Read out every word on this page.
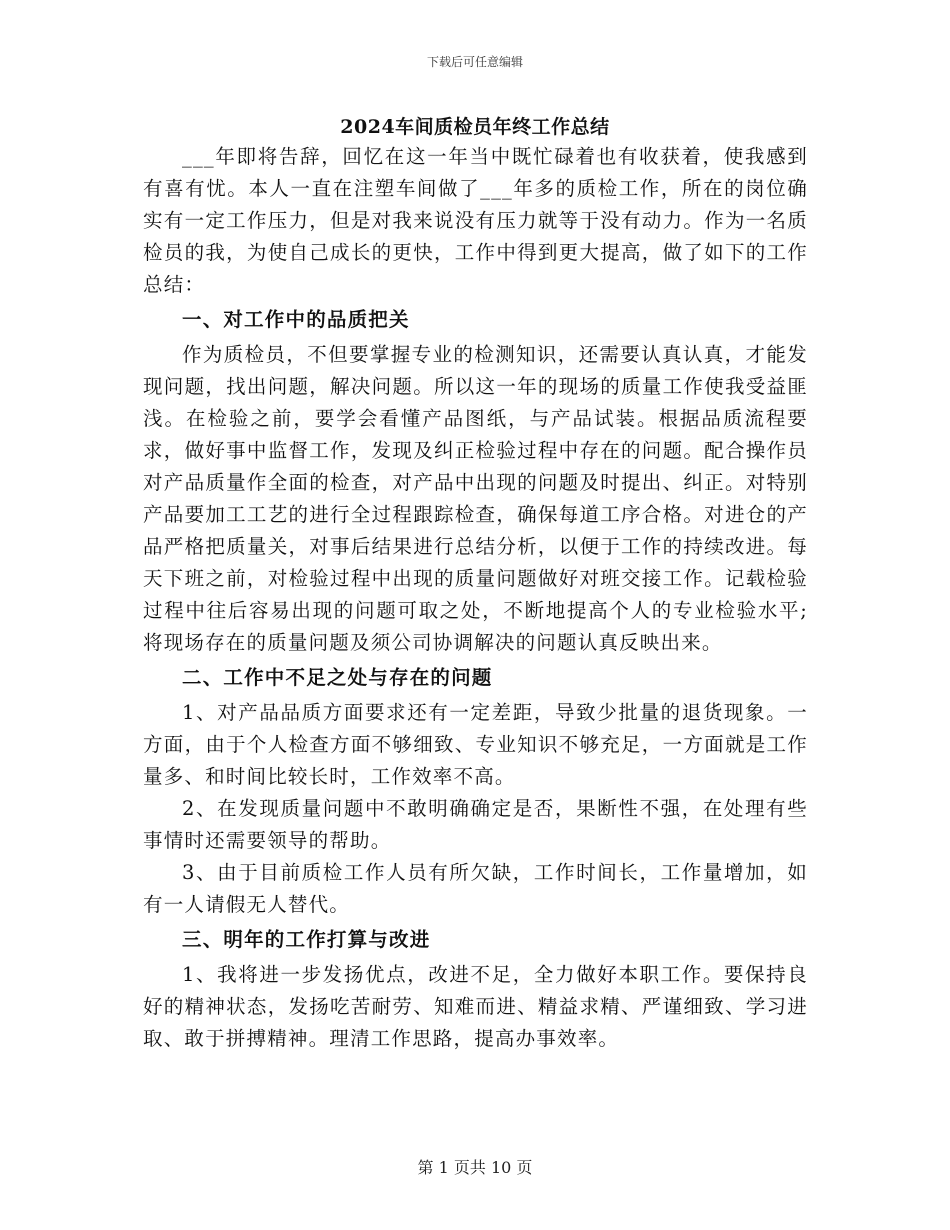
下载后可任意编辑
2024车间质检员年终工作总结

___年即将告辞，回忆在这一年当中既忙碌着也有收获着，使我感到有喜有忧。本人一直在注塑车间做了___年多的质检工作，所在的岗位确实有一定工作压力，但是对我来说没有压力就等于没有动力。作为一名质检员的我，为使自己成长的更快，工作中得到更大提高，做了如下的工作总结：

一、对工作中的品质把关

作为质检员，不但要掌握专业的检测知识，还需要认真认真，才能发现问题，找出问题，解决问题。所以这一年的现场的质量工作使我受益匪浅。在检验之前，要学会看懂产品图纸，与产品试装。根据品质流程要求，做好事中监督工作，发现及纠正检验过程中存在的问题。配合操作员对产品质量作全面的检查，对产品中出现的问题及时提出、纠正。对特别产品要加工工艺的进行全过程跟踪检查，确保每道工序合格。对进仓的产品严格把质量关，对事后结果进行总结分析，以便于工作的持续改进。每天下班之前，对检验过程中出现的质量问题做好对班交接工作。记载检验过程中往后容易出现的问题可取之处，不断地提高个人的专业检验水平;将现场存在的质量问题及须公司协调解决的问题认真反映出来。

二、工作中不足之处与存在的问题

1、对产品品质方面要求还有一定差距，导致少批量的退货现象。一方面，由于个人检查方面不够细致、专业知识不够充足，一方面就是工作量多、和时间比较长时，工作效率不高。

2、在发现质量问题中不敢明确确定是否，果断性不强，在处理有些事情时还需要领导的帮助。

3、由于目前质检工作人员有所欠缺，工作时间长，工作量增加，如有一人请假无人替代。

三、明年的工作打算与改进

1、我将进一步发扬优点，改进不足，全力做好本职工作。要保持良好的精神状态，发扬吃苦耐劳、知难而进、精益求精、严谨细致、学习进取、敢于拼搏精神。理清工作思路，提高办事效率。

第 1 页共 10 页
